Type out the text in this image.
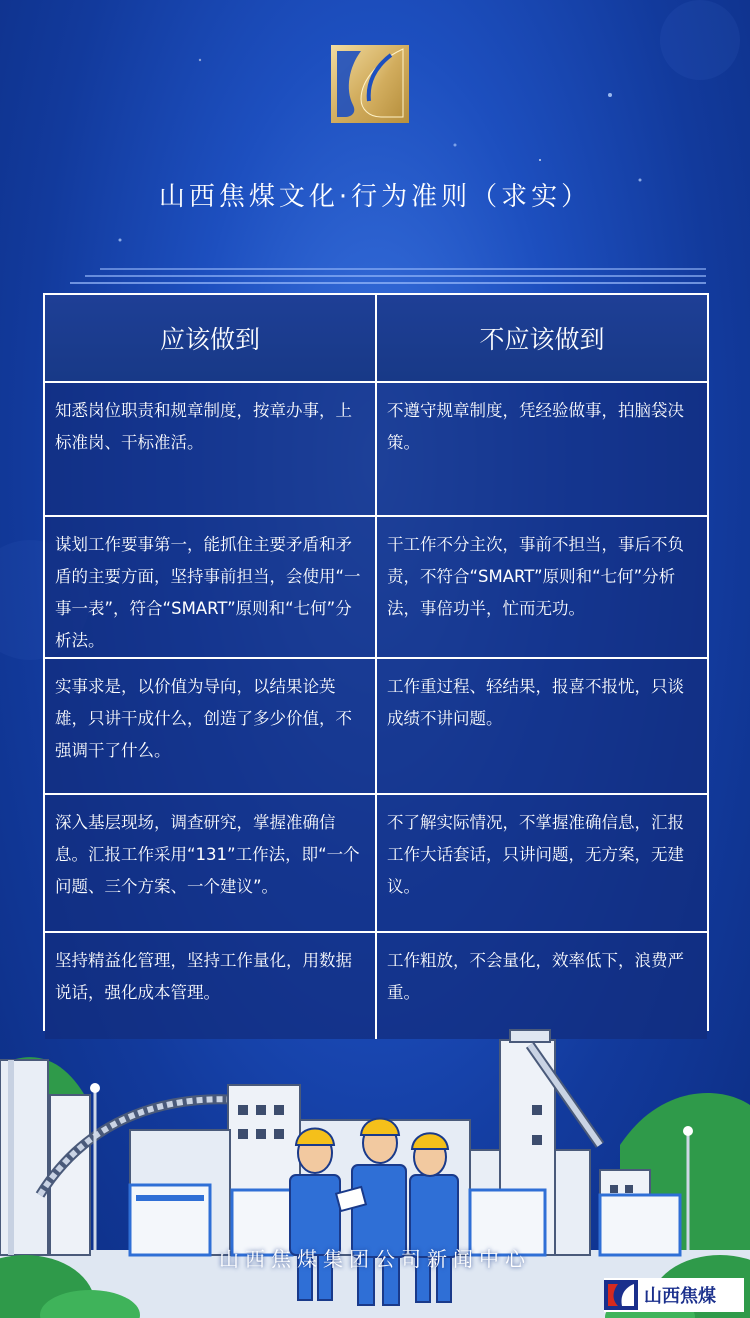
山西焦煤文化·行为准则（求实）
应该做到	不应该做到
知悉岗位职责和规章制度，按章办事，上标准岗、干标准活。	不遵守规章制度，凭经验做事，拍脑袋决策。
谋划工作要事第一，能抓住主要矛盾和矛盾的主要方面，坚持事前担当，会使用“一事一表”，符合“SMART”原则和“七何”分析法。	干工作不分主次，事前不担当，事后不负责，不符合“SMART”原则和“七何”分析法，事倍功半，忙而无功。
实事求是，以价值为导向，以结果论英雄，只讲干成什么，创造了多少价值，不强调干了什么。	工作重过程、轻结果，报喜不报忧，只谈成绩不讲问题。
深入基层现场，调查研究，掌握准确信息。汇报工作采用“131”工作法，即“一个问题、三个方案、一个建议”。	不了解实际情况，不掌握准确信息，汇报工作大话套话，只讲问题，无方案，无建议。
坚持精益化管理，坚持工作量化，用数据说话，强化成本管理。	工作粗放，不会量化，效率低下，浪费严重。
山西焦煤集团公司新闻中心
山西焦煤
